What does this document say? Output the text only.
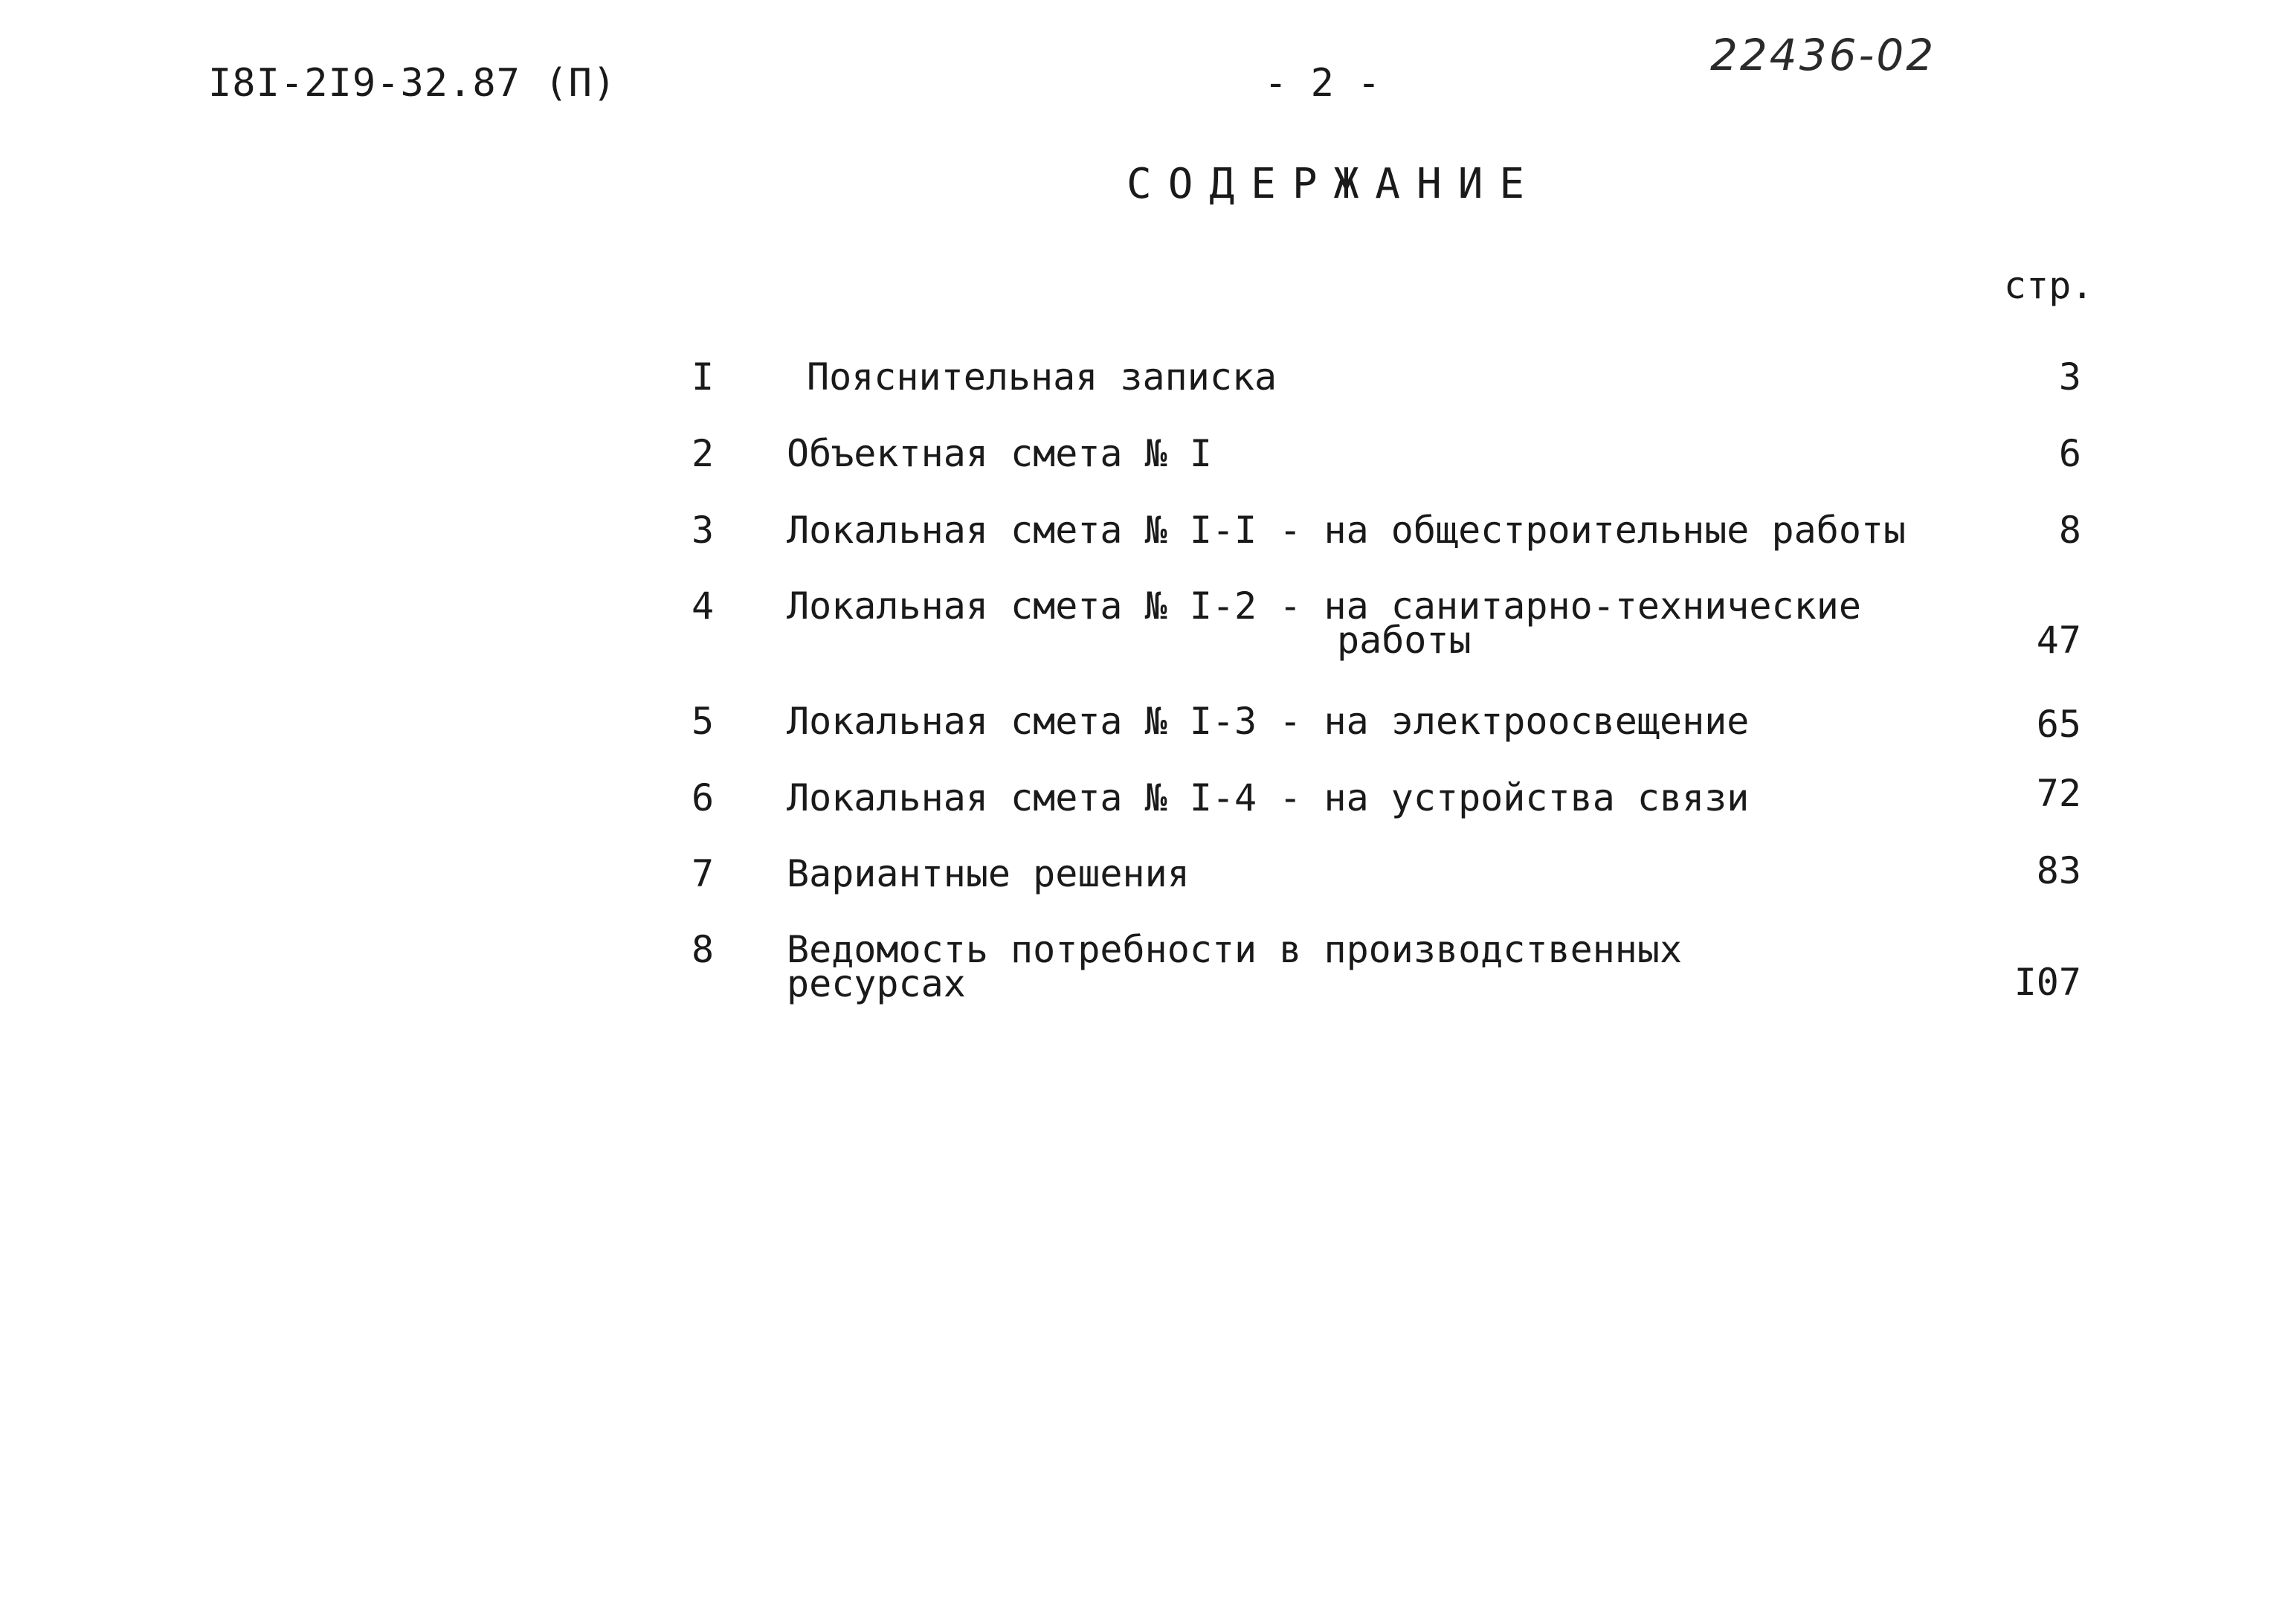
I8I-2I9-32.87 (П)	- 2 -
22436-02
СОДЕРЖАНИЕ
стр.
I Пояснительная записка	3
2 Объектная смета № I	6
3 Локальная смета № I-I - на общестроительные работы	8
4 Локальная смета № I-2 - на санитарно-технические
работы	47
5 Локальная смета № I-3 - на электроосвещение	65
6 Локальная смета № I-4 - на устройства связи	72
7 Вариантные решения	83
8 Ведомость потребности в производственных
ресурсах	I07
